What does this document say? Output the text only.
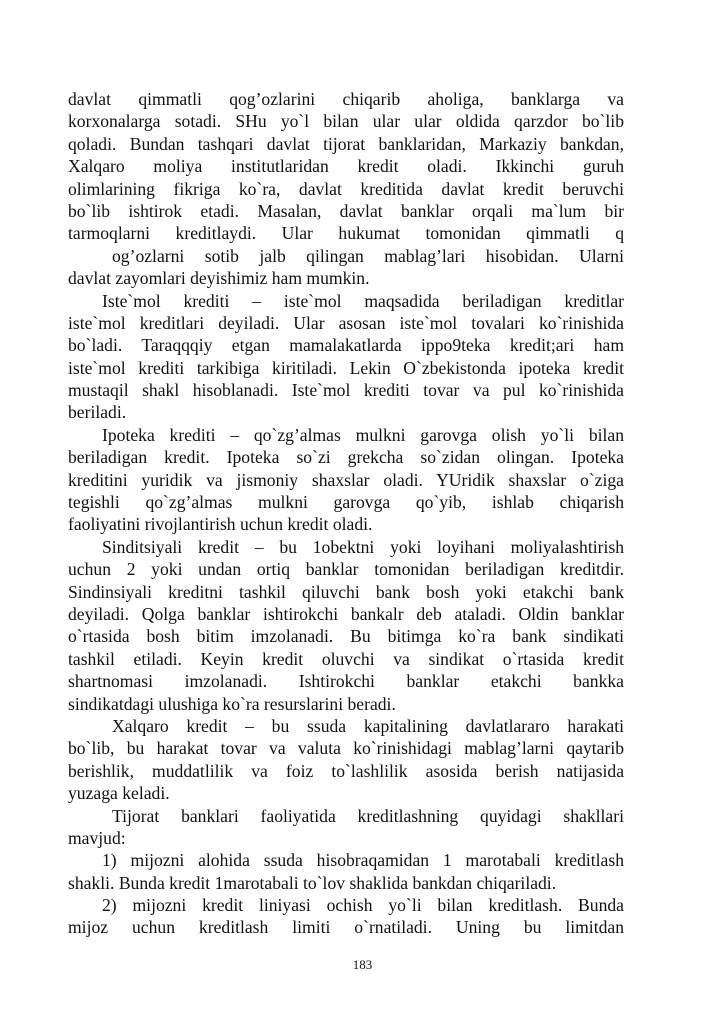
davlat qimmatli qog’ozlarini chiqarib aholiga, banklarga va
korxonalarga sotadi. SHu yo`l bilan ular ular oldida qarzdor bo`lib
qoladi. Bundan tashqari davlat tijorat banklaridan, Markaziy bankdan,
Xalqaro moliya institutlaridan kredit oladi. Ikkinchi guruh
olimlarining fikriga ko`ra, davlat kreditida davlat kredit beruvchi
bo`lib ishtirok etadi. Masalan, davlat banklar orqali ma`lum bir
tarmoqlarni kreditlaydi. Ular hukumat tomonidan qimmatli q
og’ozlarni sotib jalb qilingan mablag’lari hisobidan. Ularni
davlat zayomlari deyishimiz ham mumkin.
Iste`mol krediti – iste`mol maqsadida beriladigan kreditlar
iste`mol kreditlari deyiladi. Ular asosan iste`mol tovalari ko`rinishida
bo`ladi. Taraqqqiy etgan mamalakatlarda ippo9teka kredit;ari ham
iste`mol krediti tarkibiga kiritiladi. Lekin O`zbekistonda ipoteka kredit
mustaqil shakl hisoblanadi. Iste`mol krediti tovar va pul ko`rinishida
beriladi.
Ipoteka krediti – qo`zg’almas mulkni garovga olish yo`li bilan
beriladigan kredit. Ipoteka so`zi grekcha so`zidan olingan. Ipoteka
kreditini yuridik va jismoniy shaxslar oladi. YUridik shaxslar o`ziga
tegishli qo`zg’almas mulkni garovga qo`yib, ishlab chiqarish
faoliyatini rivojlantirish uchun kredit oladi.
Sinditsiyali kredit – bu 1obektni yoki loyihani moliyalashtirish
uchun 2 yoki undan ortiq banklar tomonidan beriladigan kreditdir.
Sindinsiyali kreditni tashkil qiluvchi bank bosh yoki etakchi bank
deyiladi. Qolga banklar ishtirokchi bankalr deb ataladi. Oldin banklar
o`rtasida bosh bitim imzolanadi. Bu bitimga ko`ra bank sindikati
tashkil etiladi. Keyin kredit oluvchi va sindikat o`rtasida kredit
shartnomasi imzolanadi. Ishtirokchi banklar etakchi bankka
sindikatdagi ulushiga ko`ra resurslarini beradi.
Xalqaro kredit – bu ssuda kapitalining davlatlararo harakati
bo`lib, bu harakat tovar va valuta ko`rinishidagi mablag’larni qaytarib
berishlik, muddatlilik va foiz to`lashlilik asosida berish natijasida
yuzaga keladi.
Tijorat banklari faoliyatida kreditlashning quyidagi shakllari
mavjud:
1) mijozni alohida ssuda hisobraqamidan 1 marotabali kreditlash
shakli. Bunda kredit 1marotabali to`lov shaklida bankdan chiqariladi.
2) mijozni kredit liniyasi ochish yo`li bilan kreditlash. Bunda
mijoz uchun kreditlash limiti o`rnatiladi. Uning bu limitdan
183
